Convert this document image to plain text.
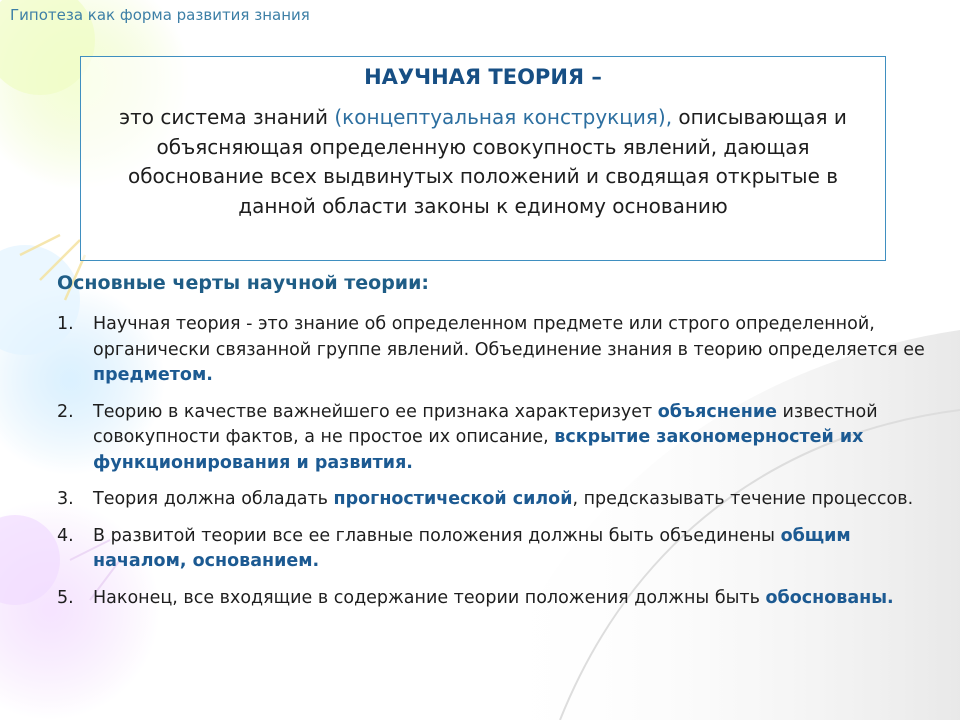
Гипотеза как форма развития знания
НАУЧНАЯ ТЕОРИЯ –
это система знаний (концептуальная конструкция), описывающая и объясняющая определенную совокупность явлений, дающая обоснование всех выдвинутых положений и сводящая открытые в данной области законы к единому основанию
Основные черты научной теории:
1.	Научная теория - это знание об определенном предмете или строго определенной, органически связанной группе явлений. Объединение знания в теорию определяется ее предметом.
2.	Теорию в качестве важнейшего ее признака характеризует объяснение известной совокупности фактов, а не простое их описание, вскрытие закономерностей их функционирования и развития.
3.	Теория должна обладать прогностической силой, предсказывать течение процессов.
4.	В развитой теории все ее главные положения должны быть объединены общим началом, основанием.
5.	Наконец, все входящие в содержание теории положения должны быть обоснованы.
